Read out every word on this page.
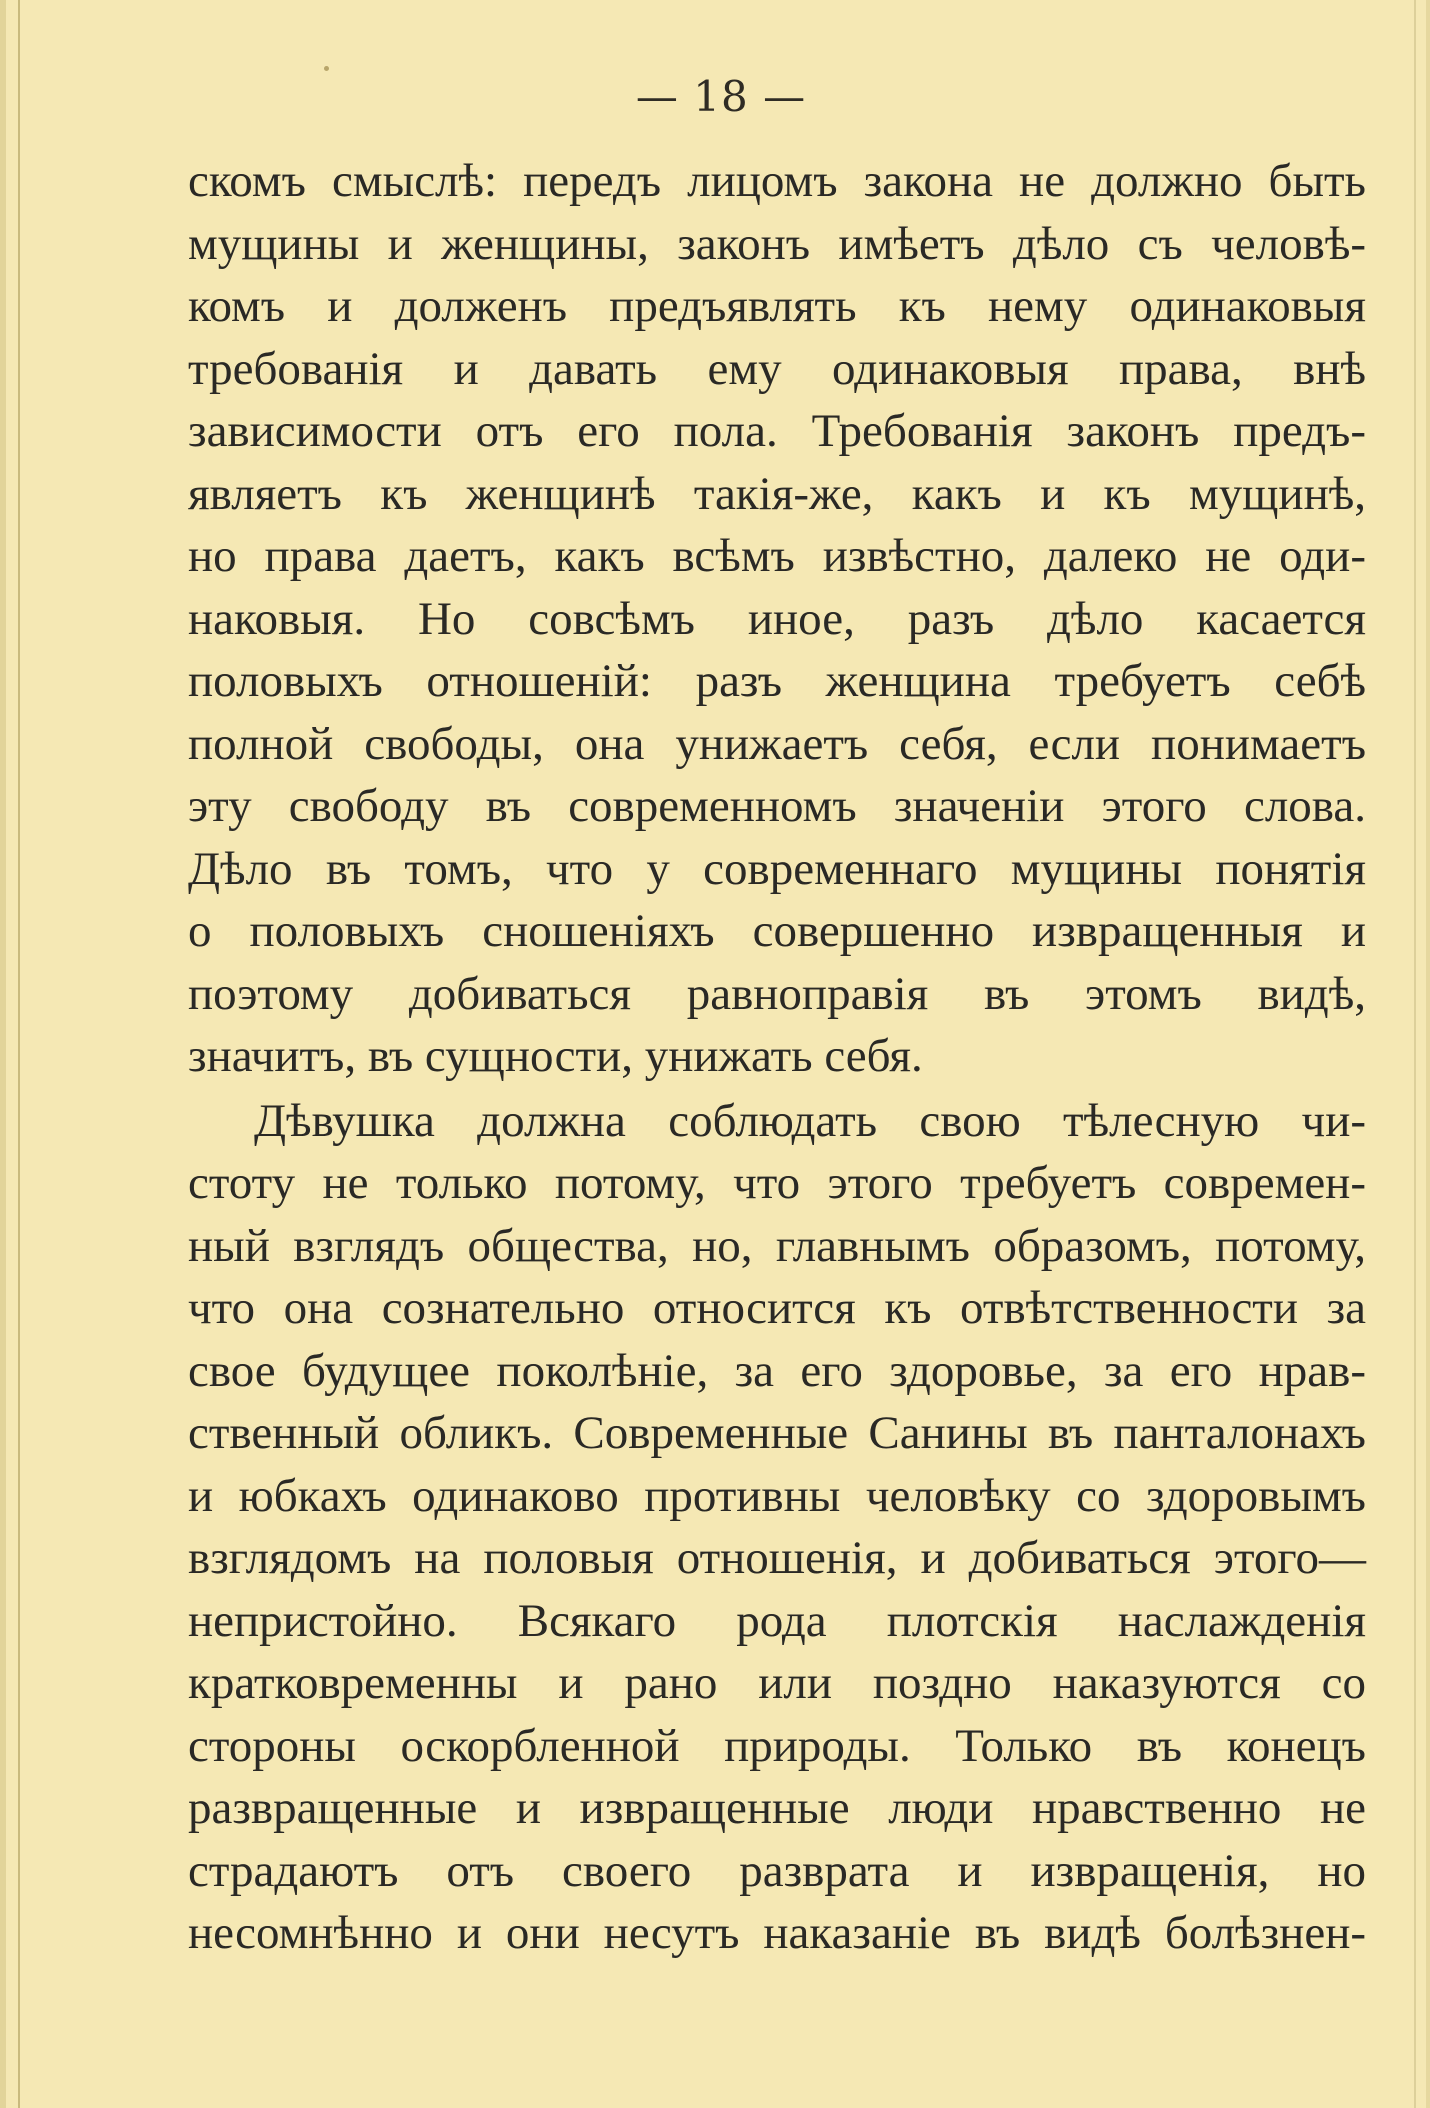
— 18 —
скомъ смыслѣ: передъ лицомъ закона не должно быть
мущины и женщины, законъ имѣетъ дѣло съ человѣ-
комъ и долженъ предъявлять къ нему одинаковыя
требованія и давать ему одинаковыя права, внѣ
зависимости отъ его пола. Требованія законъ предъ-
являетъ къ женщинѣ такія-же, какъ и къ мущинѣ,
но права даетъ, какъ всѣмъ извѣстно, далеко не оди-
наковыя. Но совсѣмъ иное, разъ дѣло касается
половыхъ отношеній: разъ женщина требуетъ себѣ
полной свободы, она унижаетъ себя, если понимаетъ
эту свободу въ современномъ значеніи этого слова.
Дѣло въ томъ, что у современнаго мущины понятія
о половыхъ сношеніяхъ совершенно извращенныя и
поэтому добиваться равноправія въ этомъ видѣ,
значитъ, въ сущности, унижать себя.
Дѣвушка должна соблюдать свою тѣлесную чи-
стоту не только потому, что этого требуетъ современ-
ный взглядъ общества, но, главнымъ образомъ, потому,
что она сознательно относится къ отвѣтственности за
свое будущее поколѣніе, за его здоровье, за его нрав-
ственный обликъ. Современные Санины въ панталонахъ
и юбкахъ одинаково противны человѣку со здоровымъ
взглядомъ на половыя отношенія, и добиваться этого—
непристойно. Всякаго рода плотскія наслажденія
кратковременны и рано или поздно наказуются со
стороны оскорбленной природы. Только въ конецъ
развращенные и извращенные люди нравственно не
страдаютъ отъ своего разврата и извращенія, но
несомнѣнно и они несутъ наказаніе въ видѣ болѣзнен-
